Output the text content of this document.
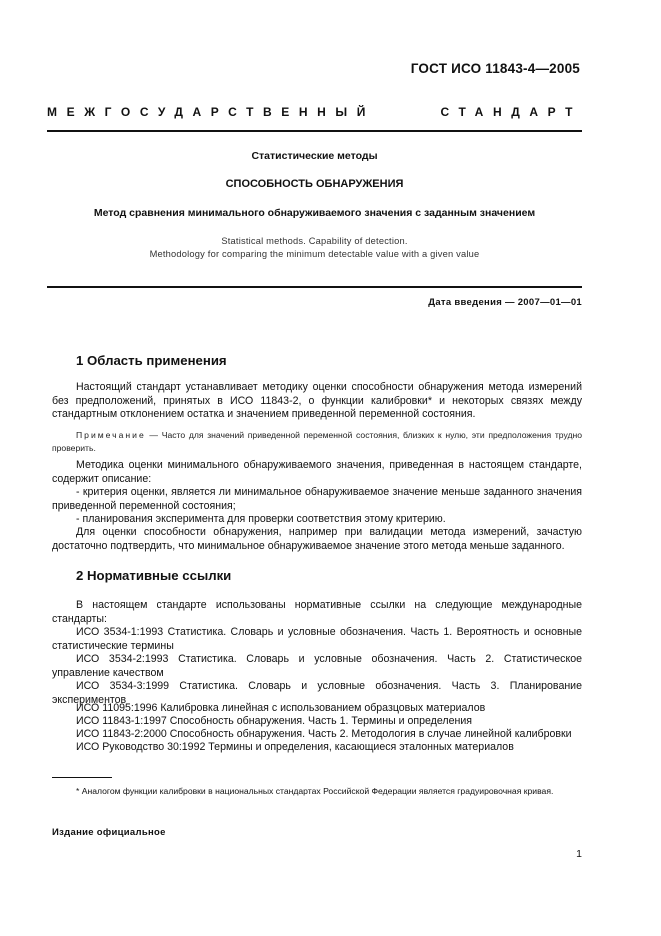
ГОСТ ИСО 11843-4—2005
МЕЖГОСУДАРСТВЕННЫЙ	СТАНДАРТ
Статистические методы
СПОСОБНОСТЬ ОБНАРУЖЕНИЯ
Метод сравнения минимального обнаруживаемого значения с заданным значением
Statistical methods. Capability of detection.
Methodology for comparing the minimum detectable value with a given value
Дата введения — 2007—01—01
1 Область применения

Настоящий стандарт устанавливает методику оценки способности обнаружения метода измерений без предположений, принятых в ИСО 11843-2, о функции калибровки* и некоторых связях между стандартным отклонением остатка и значением приведенной переменной состояния.

Примечание — Часто для значений приведенной переменной состояния, близких к нулю, эти предположения трудно проверить.

Методика оценки минимального обнаруживаемого значения, приведенная в настоящем стандарте, содержит описание:

- критерия оценки, является ли минимальное обнаруживаемое значение меньше заданного значения приведенной переменной состояния;

- планирования эксперимента для проверки соответствия этому критерию.

Для оценки способности обнаружения, например при валидации метода измерений, зачастую достаточно подтвердить, что минимальное обнаруживаемое значение этого метода меньше заданного.

2 Нормативные ссылки

В настоящем стандарте использованы нормативные ссылки на следующие международные стандарты:

ИСО 3534-1:1993 Статистика. Словарь и условные обозначения. Часть 1. Вероятность и основные статистические термины

ИСО 3534-2:1993 Статистика. Словарь и условные обозначения. Часть 2. Статистическое управление качеством

ИСО 3534-3:1999 Статистика. Словарь и условные обозначения. Часть 3. Планирование экспериментов

ИСО 11095:1996 Калибровка линейная с использованием образцовых материалов

ИСО 11843-1:1997 Способность обнаружения. Часть 1. Термины и определения

ИСО 11843-2:2000 Способность обнаружения. Часть 2. Методология в случае линейной калибровки

ИСО Руководство 30:1992 Термины и определения, касающиеся эталонных материалов

* Аналогом функции калибровки в национальных стандартах Российской Федерации является градуировочная кривая.

Издание официальное
1
